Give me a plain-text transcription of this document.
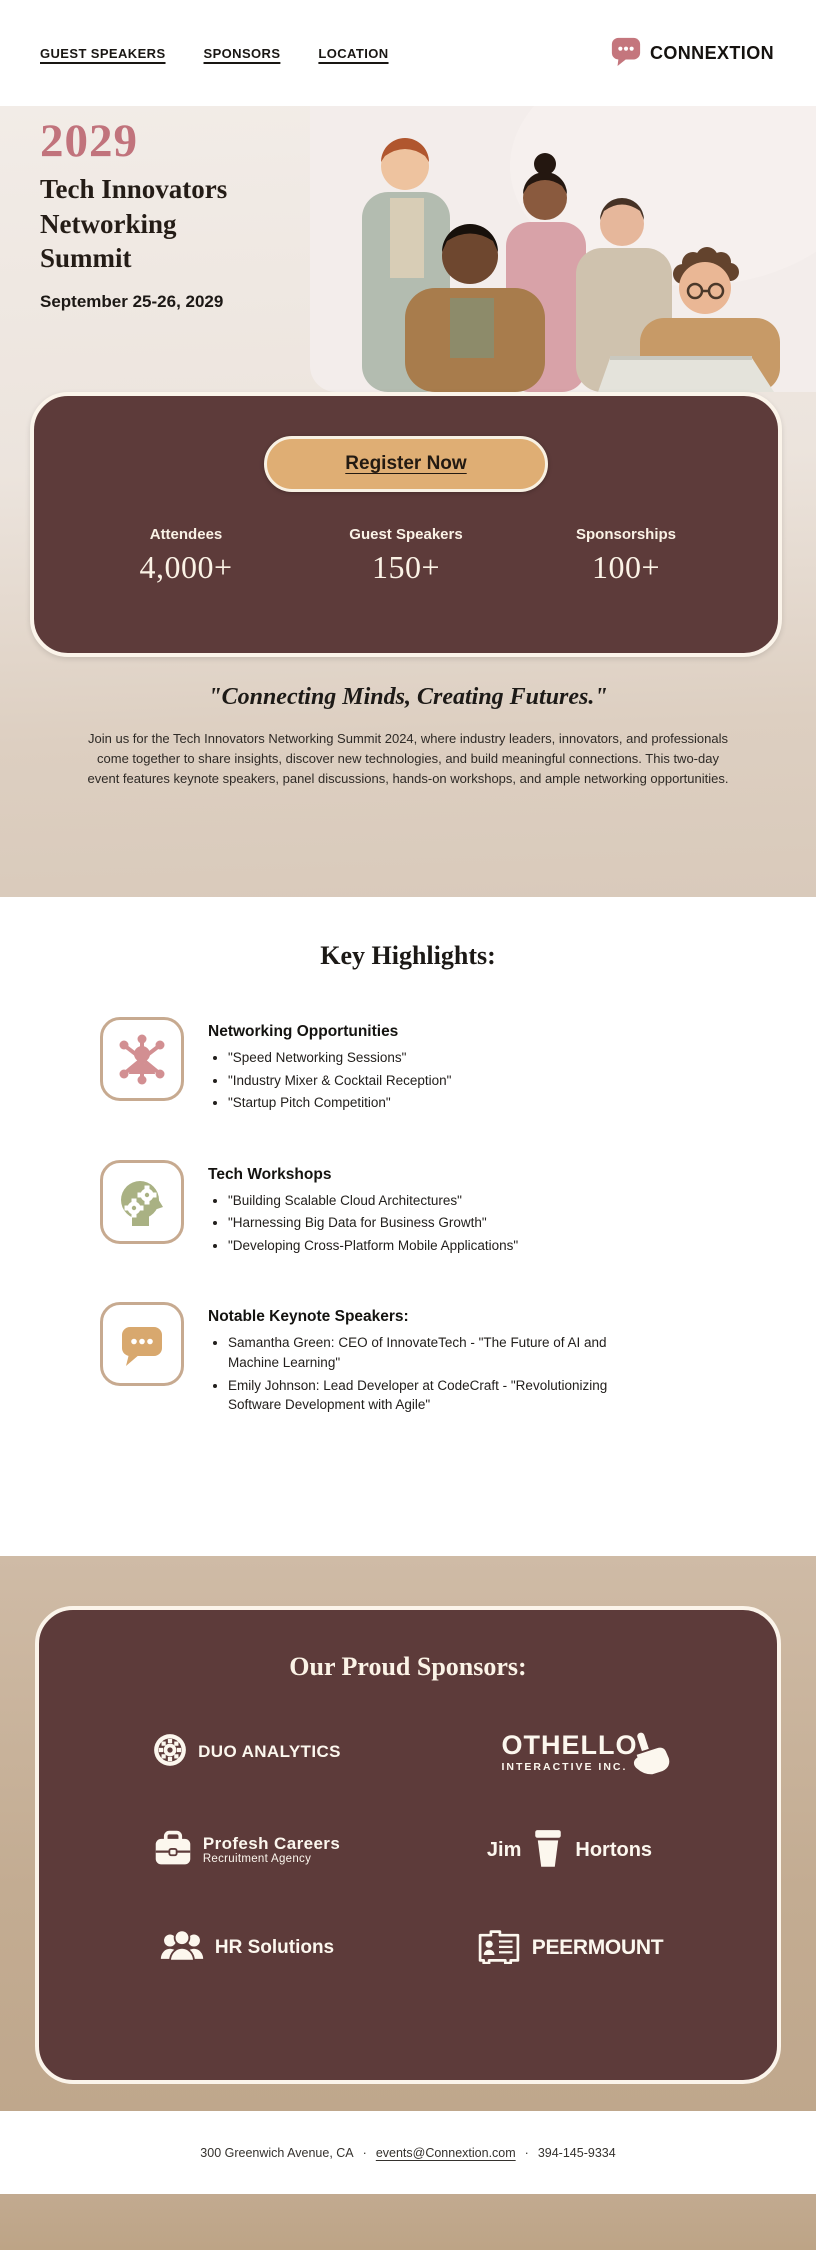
GUEST SPEAKERS	SPONSORS	LOCATION	CONNEXTION
2029
Tech Innovators Networking Summit
September 25-26, 2029
Register Now
Attendees
4,000+
Guest Speakers
150+
Sponsorships
100+
"Connecting Minds, Creating Futures."

Join us for the Tech Innovators Networking Summit 2024, where industry leaders, innovators, and professionals come together to share insights, discover new technologies, and build meaningful connections. This two-day event features keynote speakers, panel discussions, hands-on workshops, and ample networking opportunities.

Key Highlights:
Networking Opportunities
• "Speed Networking Sessions"
• "Industry Mixer & Cocktail Reception"
• "Startup Pitch Competition"
Tech Workshops
• "Building Scalable Cloud Architectures"
• "Harnessing Big Data for Business Growth"
• "Developing Cross-Platform Mobile Applications"
Notable Keynote Speakers:
• Samantha Green: CEO of InnovateTech - "The Future of AI and Machine Learning"
• Emily Johnson: Lead Developer at CodeCraft - "Revolutionizing Software Development with Agile"
Our Proud Sponsors:
DUO ANALYTICS	OTHELLO
INTERACTIVE INC.
Profesh Careers
Recruitment Agency	Jim	Hortons
HR Solutions	PEERMOUNT
300 Greenwich Avenue, CA · events@Connextion.com · 394-145-9334
